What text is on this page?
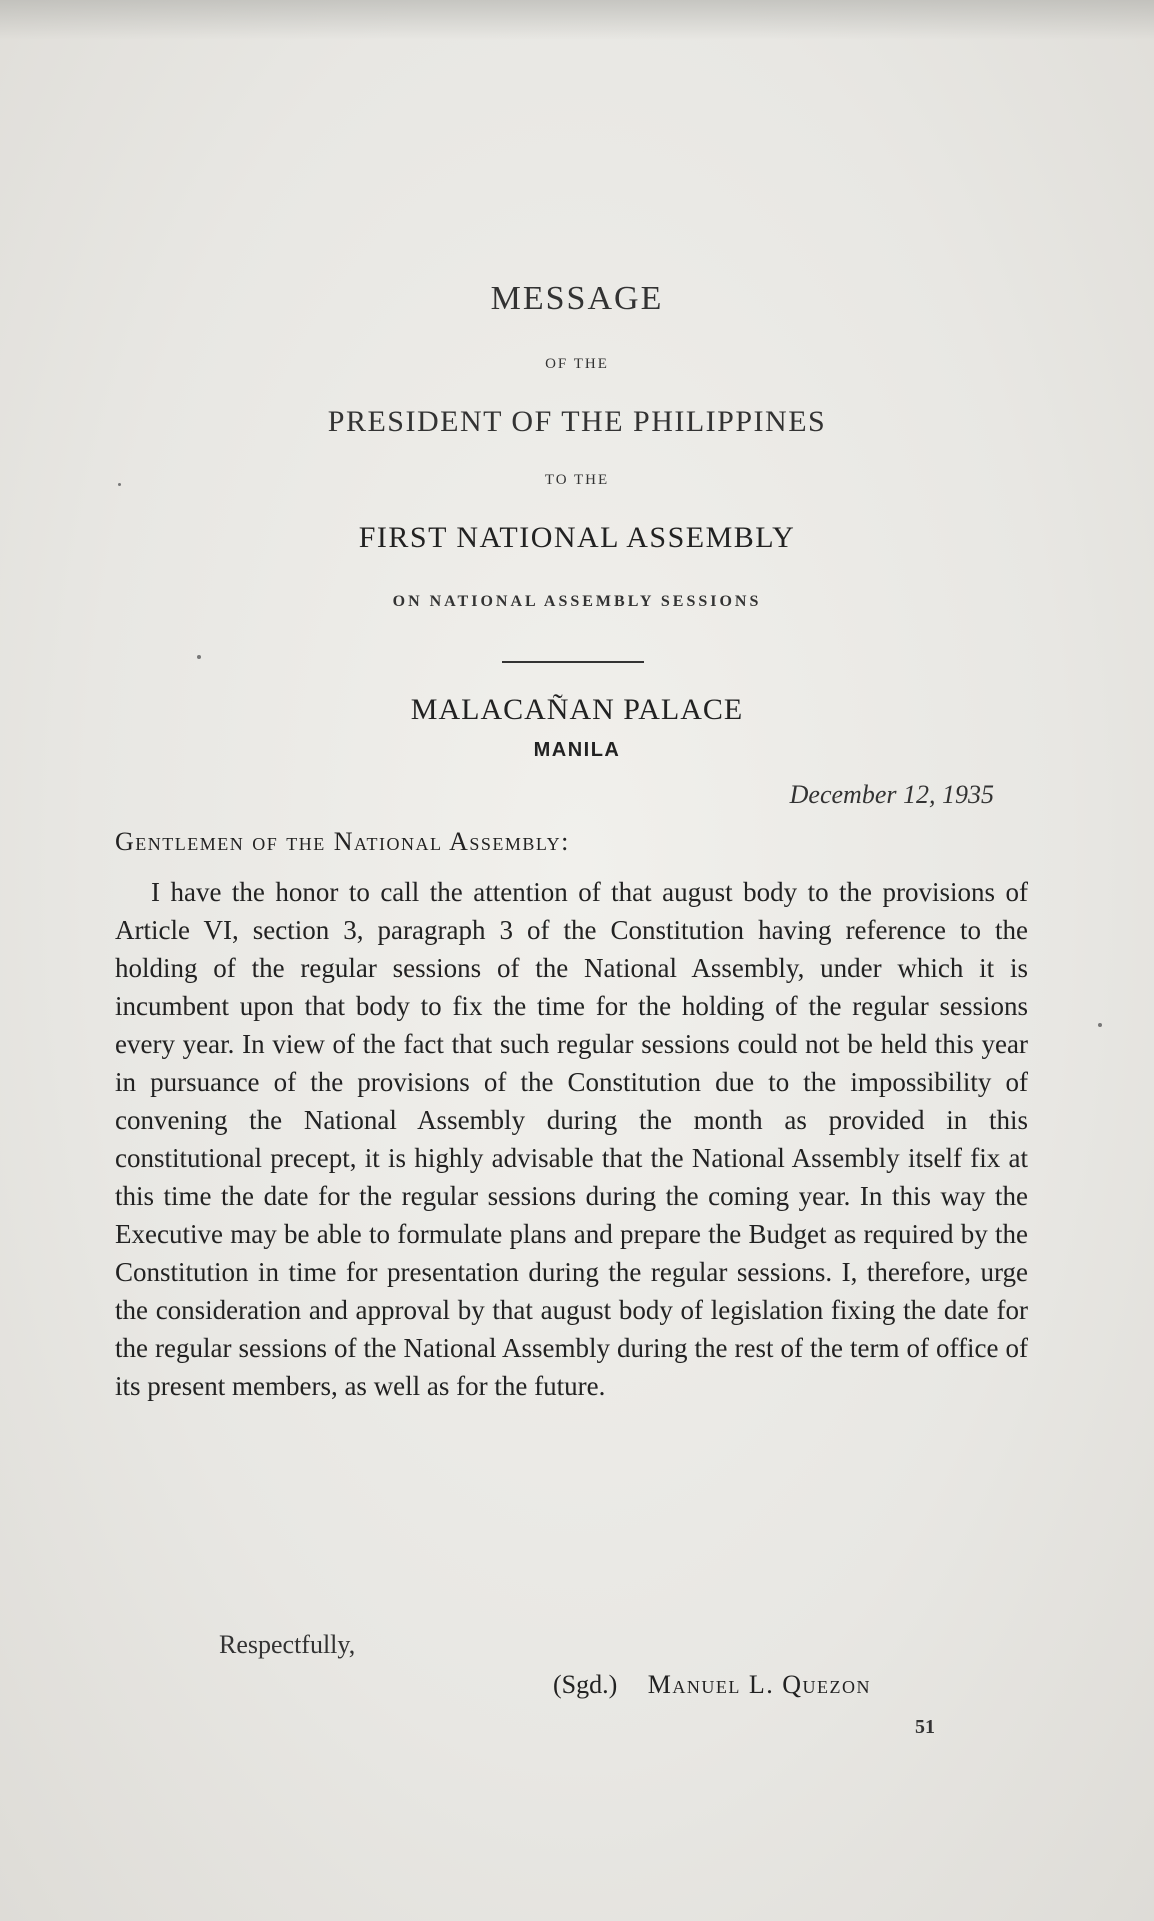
MESSAGE
OF THE
PRESIDENT OF THE PHILIPPINES
TO THE
FIRST NATIONAL ASSEMBLY
ON NATIONAL ASSEMBLY SESSIONS
MALACAÑAN PALACE
MANILA
December 12, 1935
Gentlemen of the National Assembly:
I have the honor to call the attention of that august body to the provisions of Article VI, section 3, paragraph 3 of the Constitution having reference to the holding of the regular sessions of the National Assembly, under which it is incumbent upon that body to fix the time for the holding of the regular sessions every year. In view of the fact that such regular sessions could not be held this year in pursuance of the provisions of the Constitution due to the impossibility of convening the National Assembly during the month as provided in this constitutional precept, it is highly advisable that the National Assembly itself fix at this time the date for the regular sessions during the coming year. In this way the Executive may be able to formulate plans and prepare the Budget as required by the Constitution in time for presentation during the regular sessions. I, therefore, urge the consideration and approval by that august body of legislation fixing the date for the regular sessions of the National Assembly during the rest of the term of office of its present members, as well as for the future.
Respectfully,
(Sgd.) Manuel L. Quezon
51
